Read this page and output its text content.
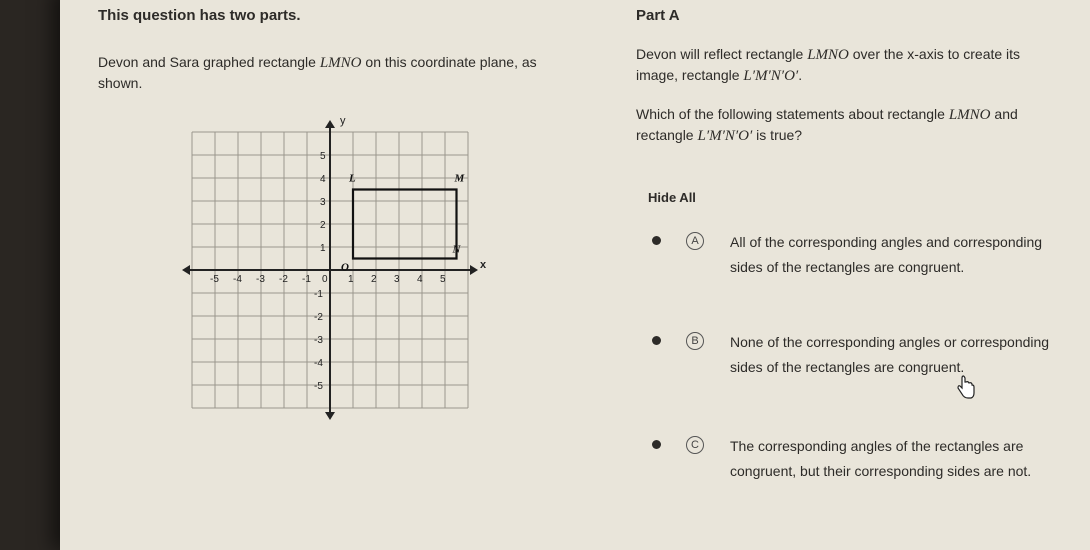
This question has two parts.	Part A
Devon and Sara graphed rectangle LMNO on this coordinate plane, as shown.
Devon will reflect rectangle LMNO over the x-axis to create its image, rectangle L′M′N′O′.
Which of the following statements about rectangle LMNO and rectangle L′M′N′O′ is true?
Hide All
A	All of the corresponding angles and corresponding sides of the rectangles are congruent.
B	None of the corresponding angles or corresponding sides of the rectangles are congruent.
C	The corresponding angles of the rectangles are congruent, but their corresponding sides are not.
x
y
-5 -4 -3 -2 -1 0 1 2 3 4 5
-5
-4
-3
-2
-1
1
2
3
4
5
L	M
N
O
